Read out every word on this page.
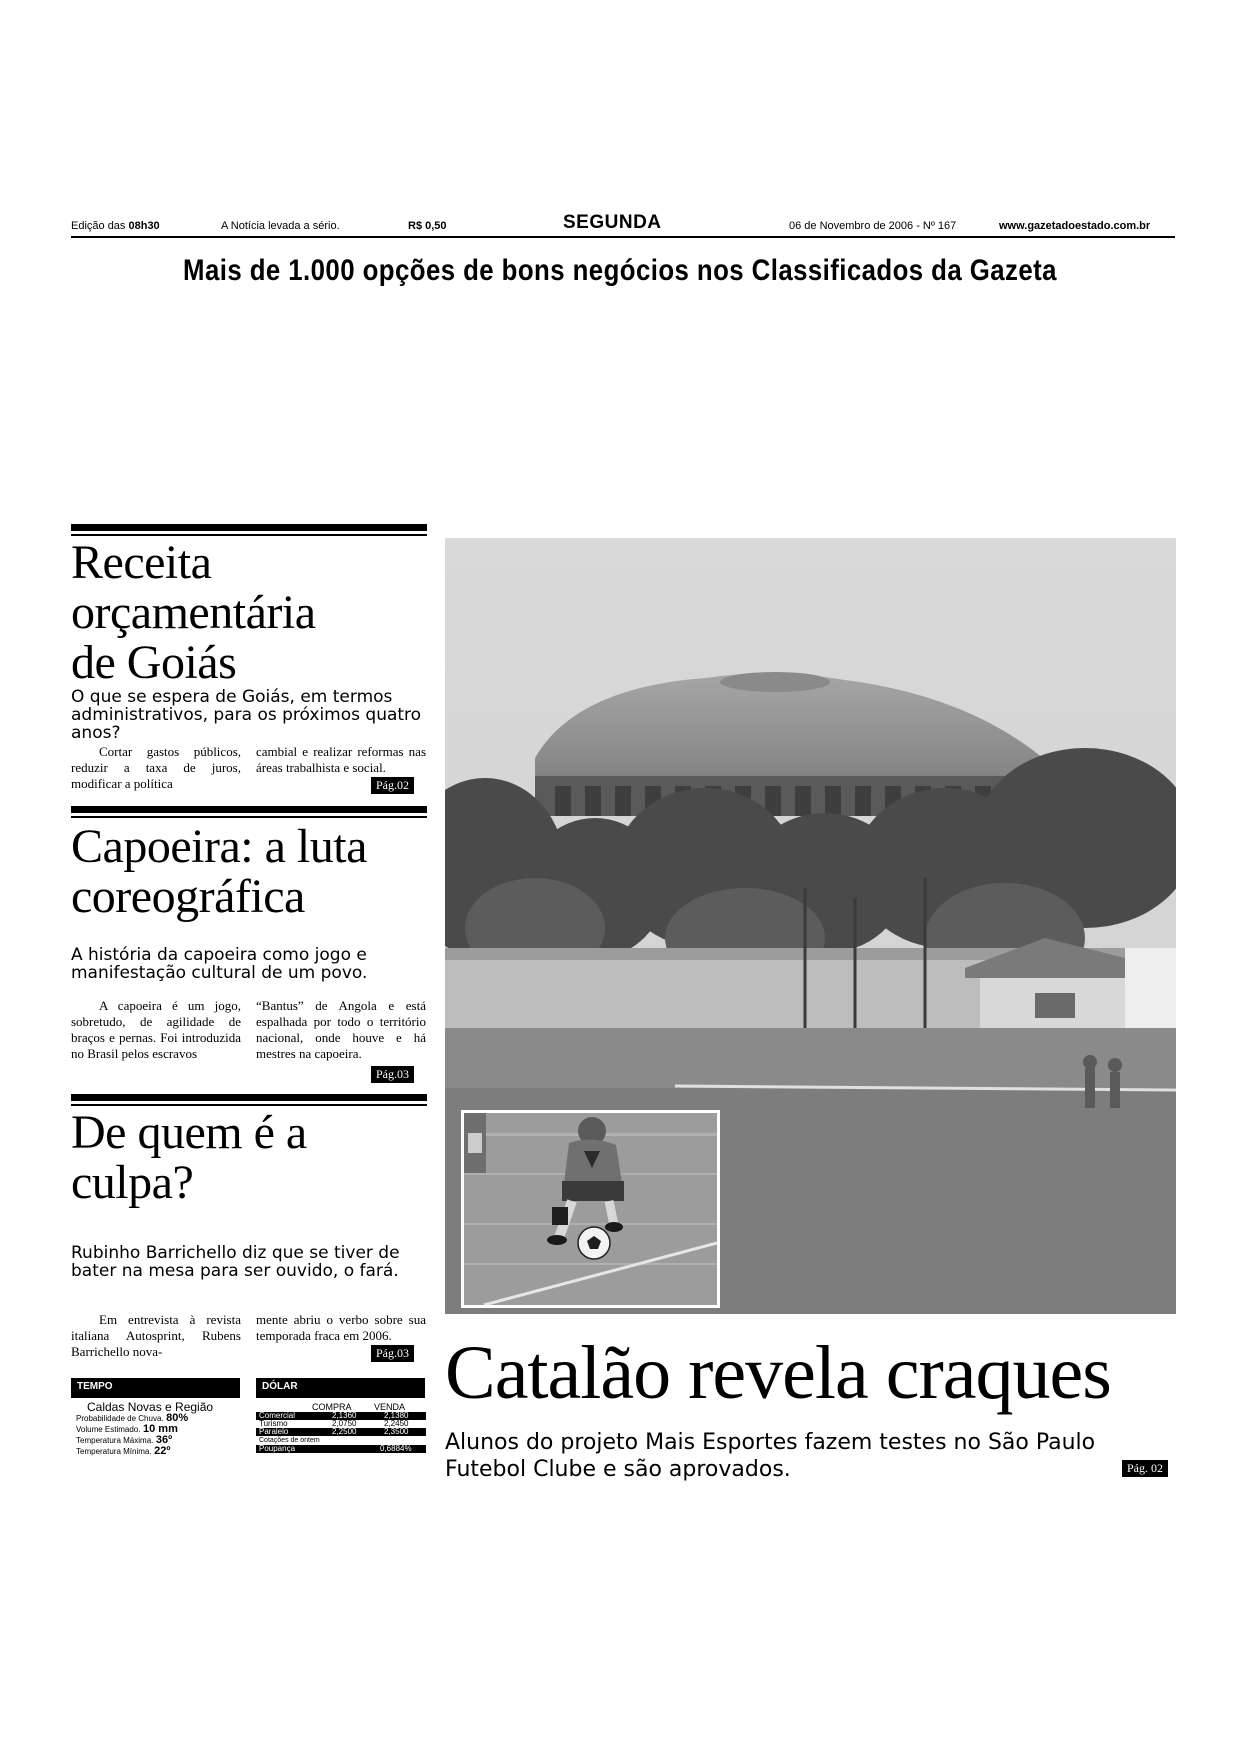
Edição das 08h30	A Notícia levada a sério.	R$ 0,50	SEGUNDA	06 de Novembro de 2006 - Nº 167	www.gazetadoestado.com.br
Mais de 1.000 opções de bons negócios nos Classificados da Gazeta
Receita
orçamentária
de Goiás
O que se espera de Goiás, em termos administrativos, para os próximos quatro anos?
Cortar gastos públicos, reduzir a taxa de juros, modificar a política
cambial e realizar reformas nas áreas trabalhista e social.
Pág.02
Capoeira: a luta
coreográfica
A história da capoeira como jogo e manifestação cultural de um povo.
A capoeira é um jogo, sobretudo, de agilidade de braços e pernas. Foi introduzida no Brasil pelos escravos
“Bantus” de Angola e está espalhada por todo o território nacional, onde houve e há mestres na capoeira.
Pág.03
De quem é a
culpa?
Rubinho Barrichello diz que se tiver de bater na mesa para ser ouvido, o fará.
Em entrevista à revista italiana Autosprint, Rubens Barrichello nova-
mente abriu o verbo sobre sua temporada fraca em 2006.
Pág.03
TEMPO
Caldas Novas e Região
Probabilidade de Chuva. 80%
Volume Estimado. 10 mm
Temperatura Máxima. 36º
Temperatura Mínima. 22º
DÓLAR
COMPRA VENDA
Comercial	2,1360	2,1380
Turismo	2,0750	2,2450
Paralelo	2,2500	2,3500
Cotações de ontem
Poupança	0,6884%
Catalão revela craques
Alunos do projeto Mais Esportes fazem testes no São Paulo Futebol Clube e são aprovados.	Pág. 02
